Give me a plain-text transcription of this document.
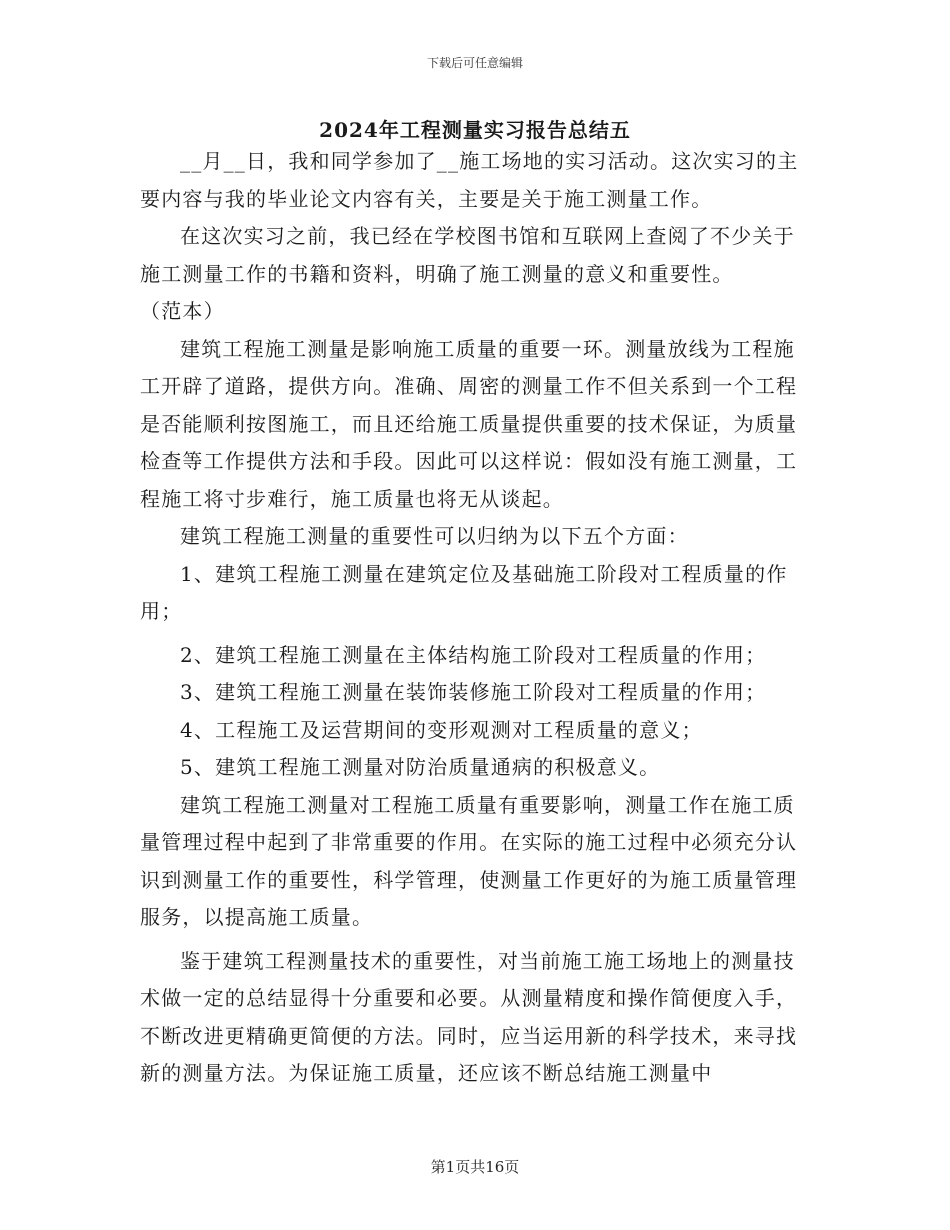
下载后可任意编辑
2024年工程测量实习报告总结五

__月__日，我和同学参加了__施工场地的实习活动。这次实习的主要内容与我的毕业论文内容有关，主要是关于施工测量工作。

在这次实习之前，我已经在学校图书馆和互联网上查阅了不少关于施工测量工作的书籍和资料，明确了施工测量的意义和重要性。

（范本）

建筑工程施工测量是影响施工质量的重要一环。测量放线为工程施工开辟了道路，提供方向。准确、周密的测量工作不但关系到一个工程是否能顺利按图施工，而且还给施工质量提供重要的技术保证，为质量检查等工作提供方法和手段。因此可以这样说：假如没有施工测量，工程施工将寸步难行，施工质量也将无从谈起。

建筑工程施工测量的重要性可以归纳为以下五个方面：

1、建筑工程施工测量在建筑定位及基础施工阶段对工程质量的作用；

2、建筑工程施工测量在主体结构施工阶段对工程质量的作用；

3、建筑工程施工测量在装饰装修施工阶段对工程质量的作用；

4、工程施工及运营期间的变形观测对工程质量的意义；

5、建筑工程施工测量对防治质量通病的积极意义。

建筑工程施工测量对工程施工质量有重要影响，测量工作在施工质量管理过程中起到了非常重要的作用。在实际的施工过程中必须充分认识到测量工作的重要性，科学管理，使测量工作更好的为施工质量管理服务，以提高施工质量。

鉴于建筑工程测量技术的重要性，对当前施工施工场地上的测量技术做一定的总结显得十分重要和必要。从测量精度和操作简便度入手，不断改进更精确更简便的方法。同时，应当运用新的科学技术，来寻找新的测量方法。为保证施工质量，还应该不断总结施工测量中

第1页共16页
